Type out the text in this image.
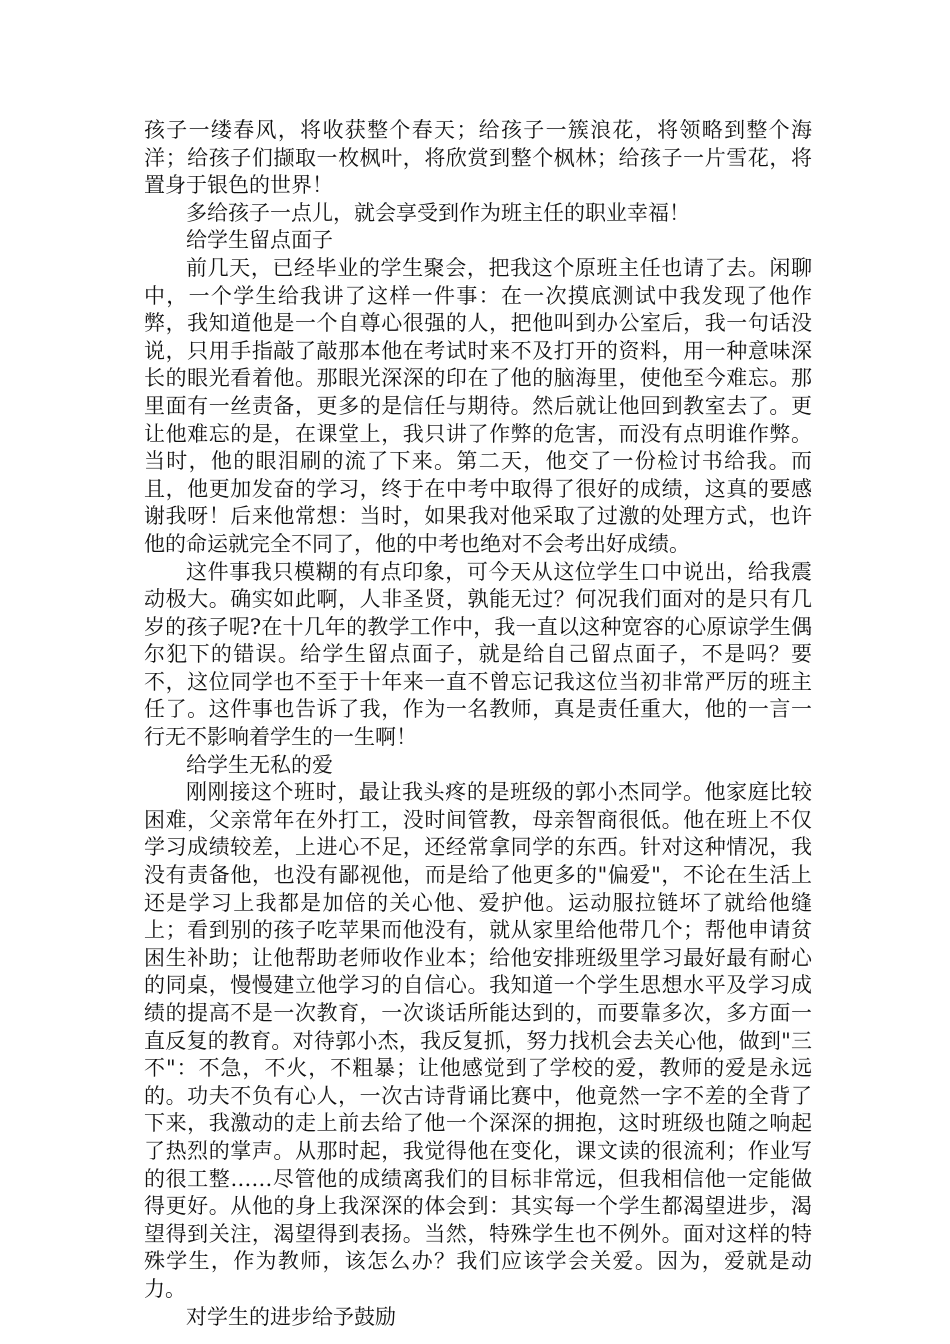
孩子一缕春风，将收获整个春天；给孩子一簇浪花，将领略到整个海洋；给孩子们撷取一枚枫叶，将欣赏到整个枫林；给孩子一片雪花，将置身于银色的世界！

多给孩子一点儿，就会享受到作为班主任的职业幸福！

给学生留点面子

前几天，已经毕业的学生聚会，把我这个原班主任也请了去。闲聊中，一个学生给我讲了这样一件事：在一次摸底测试中我发现了他作弊，我知道他是一个自尊心很强的人，把他叫到办公室后，我一句话没说，只用手指敲了敲那本他在考试时来不及打开的资料，用一种意味深长的眼光看着他。那眼光深深的印在了他的脑海里，使他至今难忘。那里面有一丝责备，更多的是信任与期待。然后就让他回到教室去了。更让他难忘的是，在课堂上，我只讲了作弊的危害，而没有点明谁作弊。当时，他的眼泪刷的流了下来。第二天，他交了一份检讨书给我。而且，他更加发奋的学习，终于在中考中取得了很好的成绩，这真的要感谢我呀！后来他常想：当时，如果我对他采取了过激的处理方式，也许他的命运就完全不同了，他的中考也绝对不会考出好成绩。

这件事我只模糊的有点印象，可今天从这位学生口中说出，给我震动极大。确实如此啊，人非圣贤，孰能无过？何况我们面对的是只有几岁的孩子呢?在十几年的教学工作中，我一直以这种宽容的心原谅学生偶尔犯下的错误。给学生留点面子，就是给自己留点面子，不是吗？要不，这位同学也不至于十年来一直不曾忘记我这位当初非常严厉的班主任了。这件事也告诉了我，作为一名教师，真是责任重大，他的一言一行无不影响着学生的一生啊！

给学生无私的爱

刚刚接这个班时，最让我头疼的是班级的郭小杰同学。他家庭比较困难，父亲常年在外打工，没时间管教，母亲智商很低。他在班上不仅学习成绩较差，上进心不足，还经常拿同学的东西。针对这种情况，我没有责备他，也没有鄙视他，而是给了他更多的"偏爱"，不论在生活上还是学习上我都是加倍的关心他、爱护他。运动服拉链坏了就给他缝上；看到别的孩子吃苹果而他没有，就从家里给他带几个；帮他申请贫困生补助；让他帮助老师收作业本；给他安排班级里学习最好最有耐心的同桌，慢慢建立他学习的自信心。我知道一个学生思想水平及学习成绩的提高不是一次教育，一次谈话所能达到的，而要靠多次，多方面一直反复的教育。对待郭小杰，我反复抓，努力找机会去关心他，做到"三不"：不急，不火，不粗暴；让他感觉到了学校的爱，教师的爱是永远的。功夫不负有心人，一次古诗背诵比赛中，他竟然一字不差的全背了下来，我激动的走上前去给了他一个深深的拥抱，这时班级也随之响起了热烈的掌声。从那时起，我觉得他在变化，课文读的很流利；作业写的很工整……尽管他的成绩离我们的目标非常远，但我相信他一定能做得更好。从他的身上我深深的体会到：其实每一个学生都渴望进步，渴望得到关注，渴望得到表扬。当然，特殊学生也不例外。面对这样的特殊学生，作为教师，该怎么办？我们应该学会关爱。因为，爱就是动力。

对学生的进步给予鼓励
